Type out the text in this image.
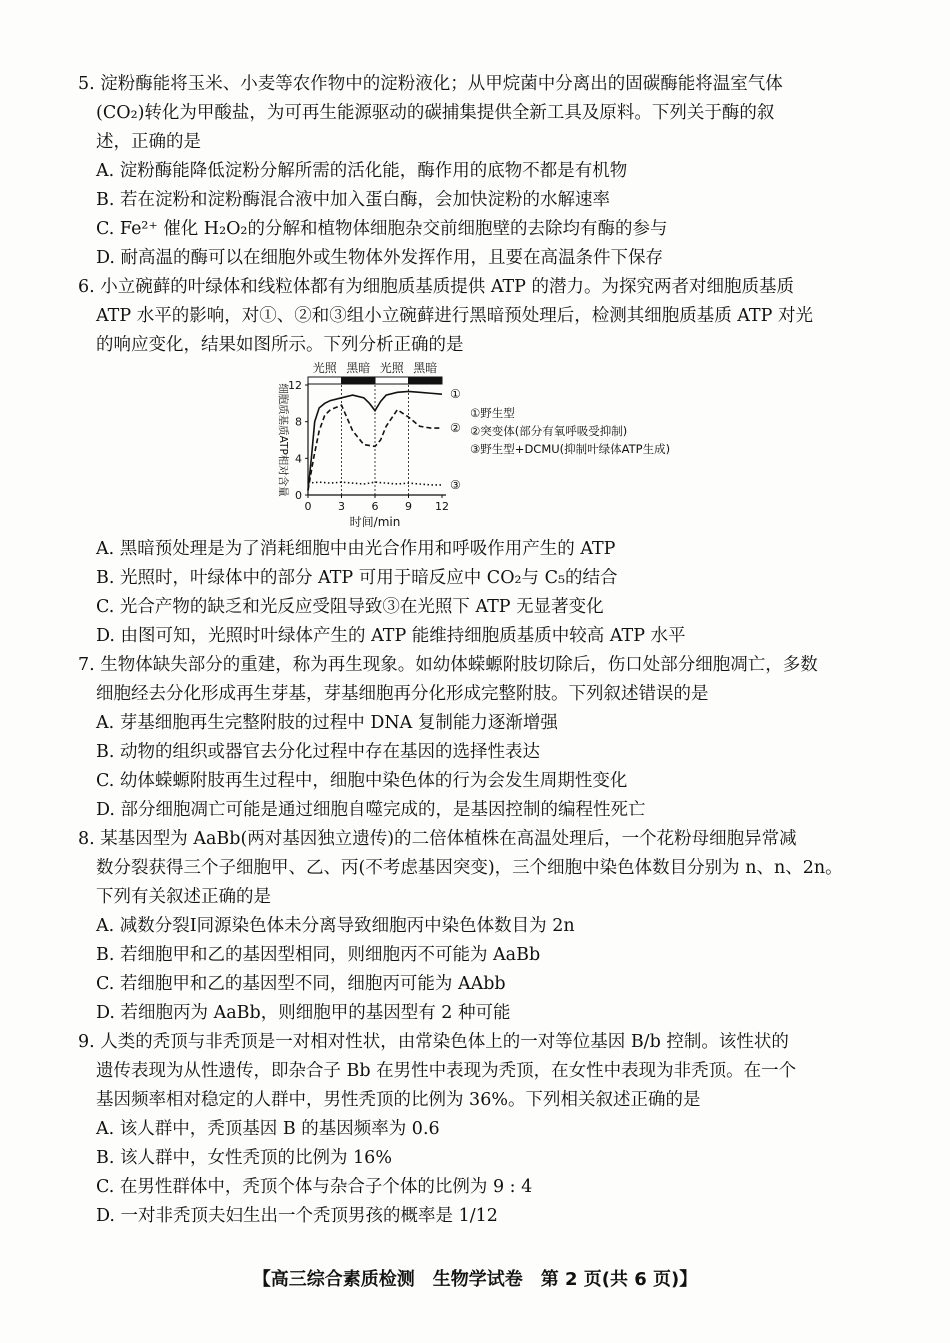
5. 淀粉酶能将玉米、小麦等农作物中的淀粉液化；从甲烷菌中分离出的固碳酶能将温室气体
(CO₂)转化为甲酸盐，为可再生能源驱动的碳捕集提供全新工具及原料。下列关于酶的叙
述，正确的是
A. 淀粉酶能降低淀粉分解所需的活化能，酶作用的底物不都是有机物
B. 若在淀粉和淀粉酶混合液中加入蛋白酶，会加快淀粉的水解速率
C. Fe²⁺ 催化 H₂O₂的分解和植物体细胞杂交前细胞壁的去除均有酶的参与
D. 耐高温的酶可以在细胞外或生物体外发挥作用，且要在高温条件下保存
6. 小立碗藓的叶绿体和线粒体都有为细胞质基质提供 ATP 的潜力。为探究两者对细胞质基质
ATP 水平的影响，对①、②和③组小立碗藓进行黑暗预处理后，检测其细胞质基质 ATP 对光
的响应变化，结果如图所示。下列分析正确的是
光照 黑暗 光照 黑暗
0 3 6 9 12
0
4
8
12
时间/min
细胞质基质ATP相对含量	①
②
③
①野生型
②突变体(部分有氧呼吸受抑制)
③野生型+DCMU(抑制叶绿体ATP生成)
A. 黑暗预处理是为了消耗细胞中由光合作用和呼吸作用产生的 ATP
B. 光照时，叶绿体中的部分 ATP 可用于暗反应中 CO₂与 C₅的结合
C. 光合产物的缺乏和光反应受阻导致③在光照下 ATP 无显著变化
D. 由图可知，光照时叶绿体产生的 ATP 能维持细胞质基质中较高 ATP 水平
7. 生物体缺失部分的重建，称为再生现象。如幼体蝾螈附肢切除后，伤口处部分细胞凋亡，多数
细胞经去分化形成再生芽基，芽基细胞再分化形成完整附肢。下列叙述错误的是
A. 芽基细胞再生完整附肢的过程中 DNA 复制能力逐渐增强
B. 动物的组织或器官去分化过程中存在基因的选择性表达
C. 幼体蝾螈附肢再生过程中，细胞中染色体的行为会发生周期性变化
D. 部分细胞凋亡可能是通过细胞自噬完成的，是基因控制的编程性死亡
8. 某基因型为 AaBb(两对基因独立遗传)的二倍体植株在高温处理后，一个花粉母细胞异常减
数分裂获得三个子细胞甲、乙、丙(不考虑基因突变)，三个细胞中染色体数目分别为 n、n、2n。
下列有关叙述正确的是
A. 减数分裂Ⅰ同源染色体未分离导致细胞丙中染色体数目为 2n
B. 若细胞甲和乙的基因型相同，则细胞丙不可能为 AaBb
C. 若细胞甲和乙的基因型不同，细胞丙可能为 AAbb
D. 若细胞丙为 AaBb，则细胞甲的基因型有 2 种可能
9. 人类的秃顶与非秃顶是一对相对性状，由常染色体上的一对等位基因 B/b 控制。该性状的
遗传表现为从性遗传，即杂合子 Bb 在男性中表现为秃顶，在女性中表现为非秃顶。在一个
基因频率相对稳定的人群中，男性秃顶的比例为 36%。下列相关叙述正确的是
A. 该人群中，秃顶基因 B 的基因频率为 0.6
B. 该人群中，女性秃顶的比例为 16%
C. 在男性群体中，秃顶个体与杂合子个体的比例为 9 : 4
D. 一对非秃顶夫妇生出一个秃顶男孩的概率是 1/12
【高三综合素质检测　生物学试卷　第 2 页(共 6 页)】
